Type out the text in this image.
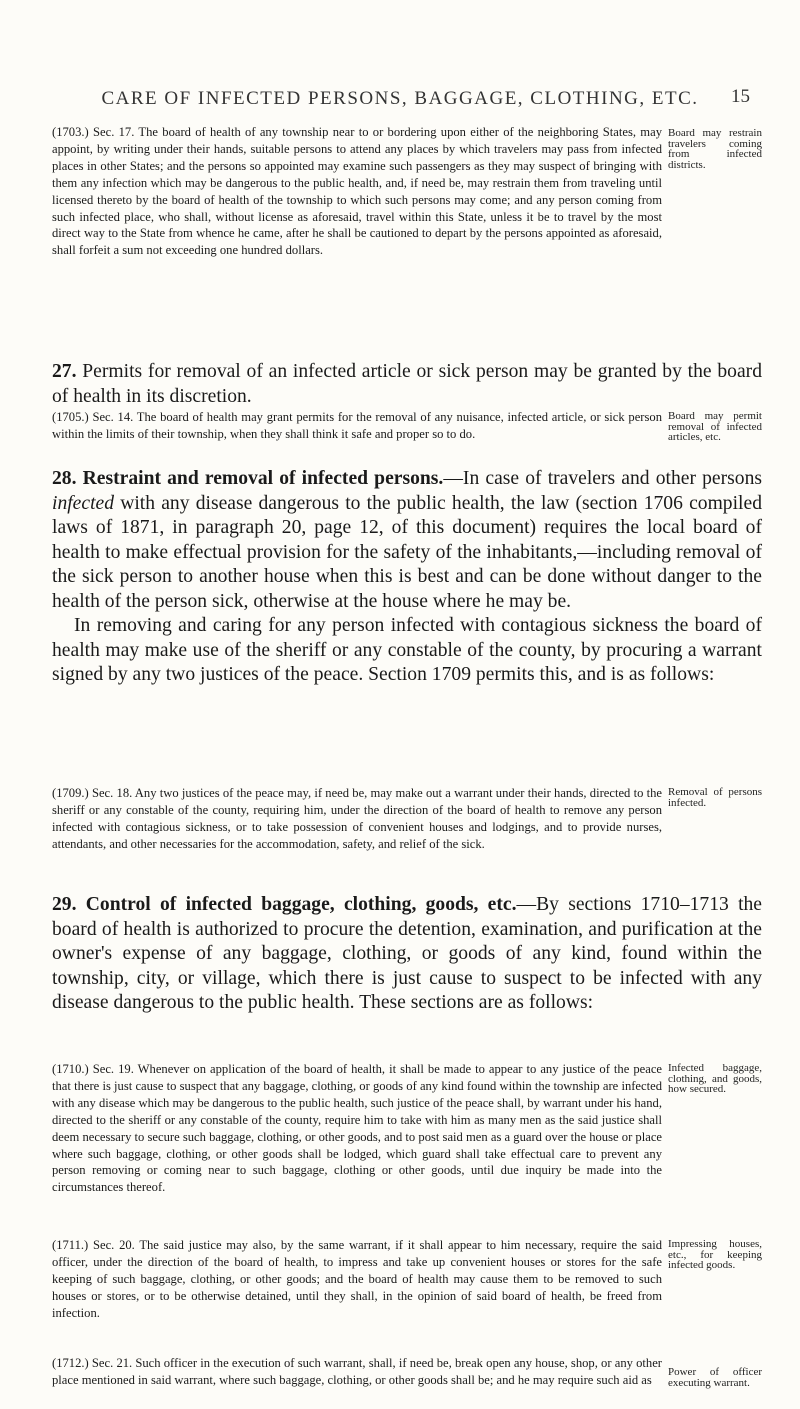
CARE OF INFECTED PERSONS, BAGGAGE, CLOTHING, ETC.	15
(1703.) Sec. 17. The board of health of any township near to or bordering upon either of the neighboring States, may appoint, by writing under their hands, suitable persons to attend any places by which travelers may pass from infected places in other States; and the persons so appointed may examine such passengers as they may suspect of bringing with them any infection which may be dangerous to the public health, and, if need be, may restrain them from traveling until licensed thereto by the board of health of the township to which such persons may come; and any person coming from such infected place, who shall, without license as aforesaid, travel within this State, unless it be to travel by the most direct way to the State from whence he came, after he shall be cautioned to depart by the persons appointed as aforesaid, shall forfeit a sum not exceeding one hundred dollars.
Board may restrain travelers coming from infected districts.
27. Permits for removal of an infected article or sick person may be granted by the board of health in its discretion.
(1705.) Sec. 14. The board of health may grant permits for the removal of any nuisance, infected article, or sick person within the limits of their township, when they shall think it safe and proper so to do.
Board may permit removal of infected articles, etc.
28. Restraint and removal of infected persons.—In case of travelers and other persons infected with any disease dangerous to the public health, the law (section 1706 compiled laws of 1871, in paragraph 20, page 12, of this document) requires the local board of health to make effectual provision for the safety of the inhabitants,—including removal of the sick person to another house when this is best and can be done without danger to the health of the person sick, otherwise at the house where he may be.
In removing and caring for any person infected with contagious sickness the board of health may make use of the sheriff or any constable of the county, by procuring a warrant signed by any two justices of the peace. Section 1709 permits this, and is as follows:
(1709.) Sec. 18. Any two justices of the peace may, if need be, may make out a warrant under their hands, directed to the sheriff or any constable of the county, requiring him, under the direction of the board of health to remove any person infected with contagious sickness, or to take possession of convenient houses and lodgings, and to provide nurses, attendants, and other necessaries for the accommodation, safety, and relief of the sick.
Removal of persons infected.
29. Control of infected baggage, clothing, goods, etc.—By sections 1710–1713 the board of health is authorized to procure the detention, examination, and purification at the owner's expense of any baggage, clothing, or goods of any kind, found within the township, city, or village, which there is just cause to suspect to be infected with any disease dangerous to the public health. These sections are as follows:
(1710.) Sec. 19. Whenever on application of the board of health, it shall be made to appear to any justice of the peace that there is just cause to suspect that any baggage, clothing, or goods of any kind found within the township are infected with any disease which may be dangerous to the public health, such justice of the peace shall, by warrant under his hand, directed to the sheriff or any constable of the county, require him to take with him as many men as the said justice shall deem necessary to secure such baggage, clothing, or other goods, and to post said men as a guard over the house or place where such baggage, clothing, or other goods shall be lodged, which guard shall take effectual care to prevent any person removing or coming near to such baggage, clothing or other goods, until due inquiry be made into the circumstances thereof.
Infected baggage, clothing, and goods, how secured.
(1711.) Sec. 20. The said justice may also, by the same warrant, if it shall appear to him necessary, require the said officer, under the direction of the board of health, to impress and take up convenient houses or stores for the safe keeping of such baggage, clothing, or other goods; and the board of health may cause them to be removed to such houses or stores, or to be otherwise detained, until they shall, in the opinion of said board of health, be freed from infection.
Impressing houses, etc., for keeping infected goods.
(1712.) Sec. 21. Such officer in the execution of such warrant, shall, if need be, break open any house, shop, or any other place mentioned in said warrant, where such baggage, clothing, or other goods shall be; and he may require such aid as
Power of officer executing warrant.
